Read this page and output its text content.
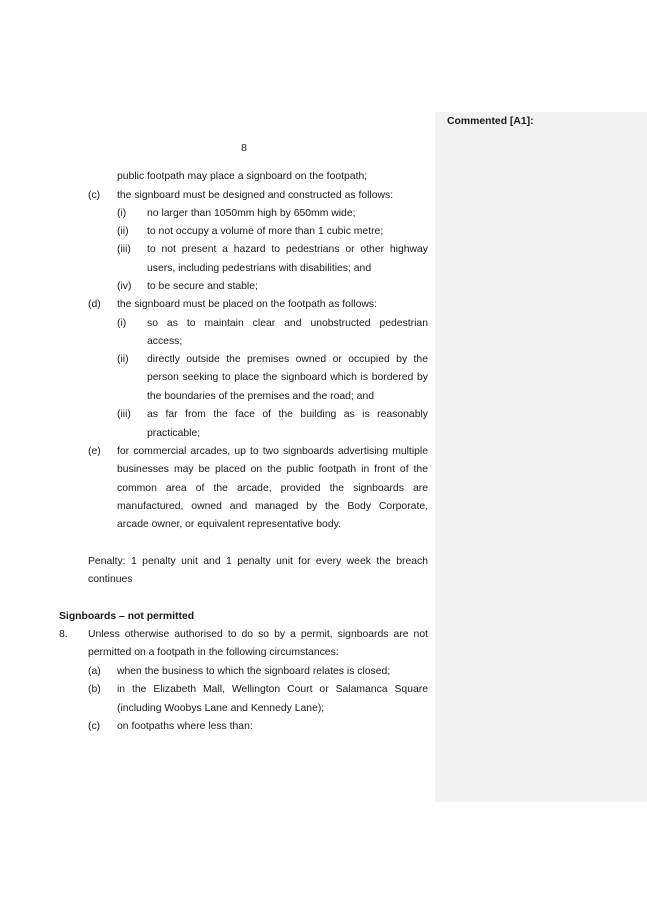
Commented [A1]:
8
public footpath may place a signboard on the footpath;
(c) the signboard must be designed and constructed as follows:
(i) no larger than 1050mm high by 650mm wide;
(ii) to not occupy a volume of more than 1 cubic metre;
(iii) to not present a hazard to pedestrians or other highway
users, including pedestrians with disabilities; and
(iv) to be secure and stable;
(d) the signboard must be placed on the footpath as follows:
(i) so as to maintain clear and unobstructed pedestrian
access;
(ii) directly outside the premises owned or occupied by the
person seeking to place the signboard which is bordered by
the boundaries of the premises and the road; and
(iii) as far from the face of the building as is reasonably
practicable;
(e) for commercial arcades, up to two signboards advertising multiple
businesses may be placed on the public footpath in front of the
common area of the arcade, provided the signboards are
manufactured, owned and managed by the Body Corporate,
arcade owner, or equivalent representative body.
Penalty: 1 penalty unit and 1 penalty unit for every week the breach
continues
Signboards – not permitted
8. Unless otherwise authorised to do so by a permit, signboards are not
permitted on a footpath in the following circumstances:
(a) when the business to which the signboard relates is closed;
(b) in the Elizabeth Mall, Wellington Court or Salamanca Square
(including Woobys Lane and Kennedy Lane);
(c) on footpaths where less than:
